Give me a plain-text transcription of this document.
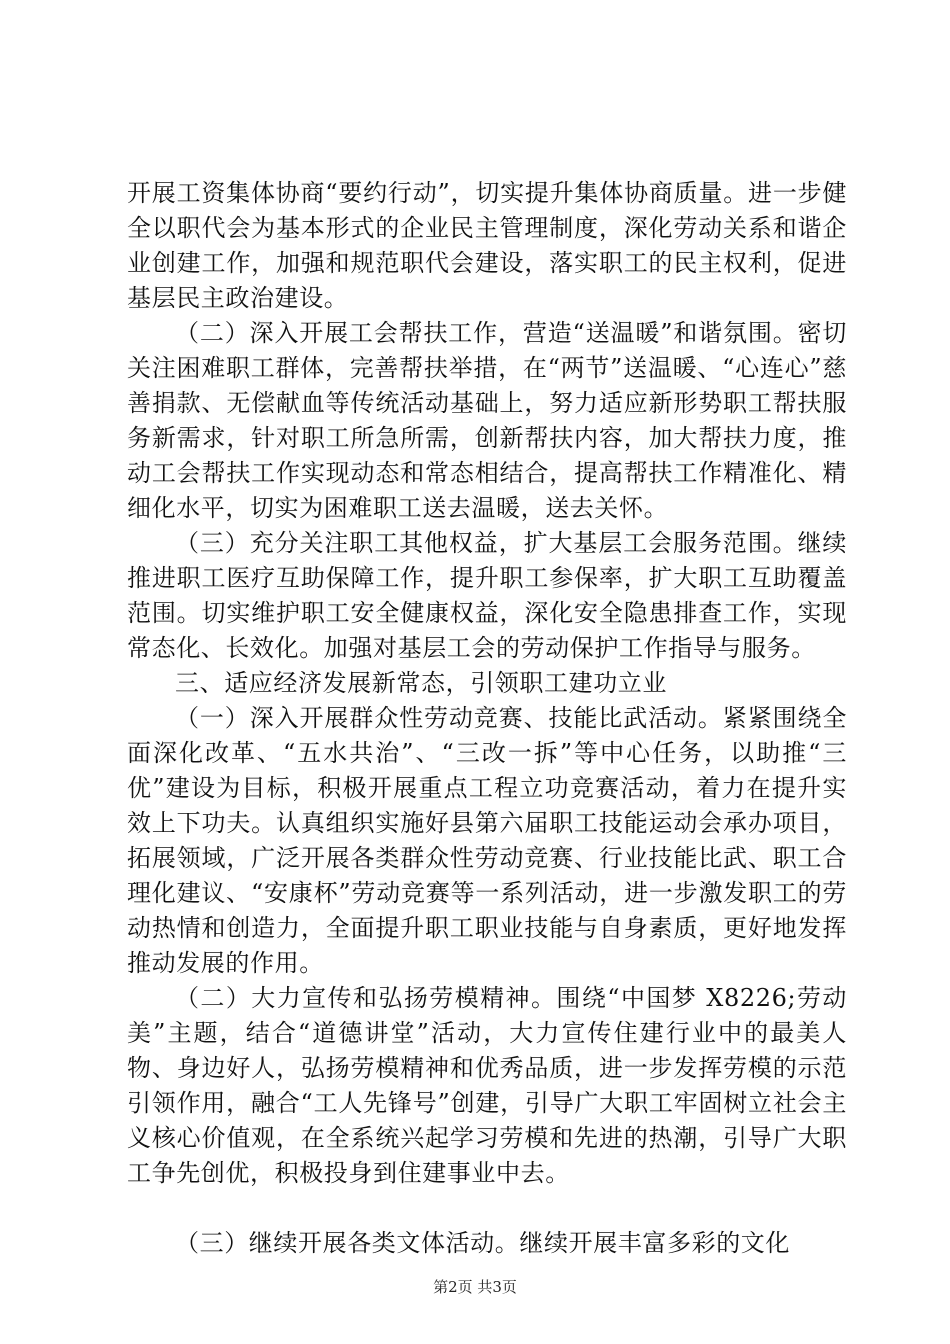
开展工资集体协商“要约行动”，切实提升集体协商质量。进一步健全以职代会为基本形式的企业民主管理制度，深化劳动关系和谐企业创建工作，加强和规范职代会建设，落实职工的民主权利，促进基层民主政治建设。

（二）深入开展工会帮扶工作，营造“送温暖”和谐氛围。密切关注困难职工群体，完善帮扶举措，在“两节”送温暖、“心连心”慈善捐款、无偿献血等传统活动基础上，努力适应新形势职工帮扶服务新需求，针对职工所急所需，创新帮扶内容，加大帮扶力度，推动工会帮扶工作实现动态和常态相结合，提高帮扶工作精准化、精细化水平，切实为困难职工送去温暖，送去关怀。

（三）充分关注职工其他权益，扩大基层工会服务范围。继续推进职工医疗互助保障工作，提升职工参保率，扩大职工互助覆盖范围。切实维护职工安全健康权益，深化安全隐患排查工作，实现常态化、长效化。加强对基层工会的劳动保护工作指导与服务。

三、适应经济发展新常态，引领职工建功立业

（一）深入开展群众性劳动竞赛、技能比武活动。紧紧围绕全面深化改革、“五水共治”、“三改一拆”等中心任务，以助推“三优”建设为目标，积极开展重点工程立功竞赛活动，着力在提升实效上下功夫。认真组织实施好县第六届职工技能运动会承办项目，拓展领域，广泛开展各类群众性劳动竞赛、行业技能比武、职工合理化建议、“安康杯”劳动竞赛等一系列活动，进一步激发职工的劳动热情和创造力，全面提升职工职业技能与自身素质，更好地发挥推动发展的作用。

（二）大力宣传和弘扬劳模精神。围绕“中国梦 X8226;劳动美”主题，结合“道德讲堂”活动，大力宣传住建行业中的最美人物、身边好人，弘扬劳模精神和优秀品质，进一步发挥劳模的示范引领作用，融合“工人先锋号”创建，引导广大职工牢固树立社会主义核心价值观，在全系统兴起学习劳模和先进的热潮，引导广大职工争先创优，积极投身到住建事业中去。

（三）继续开展各类文体活动。继续开展丰富多彩的文化

第2页 共3页
